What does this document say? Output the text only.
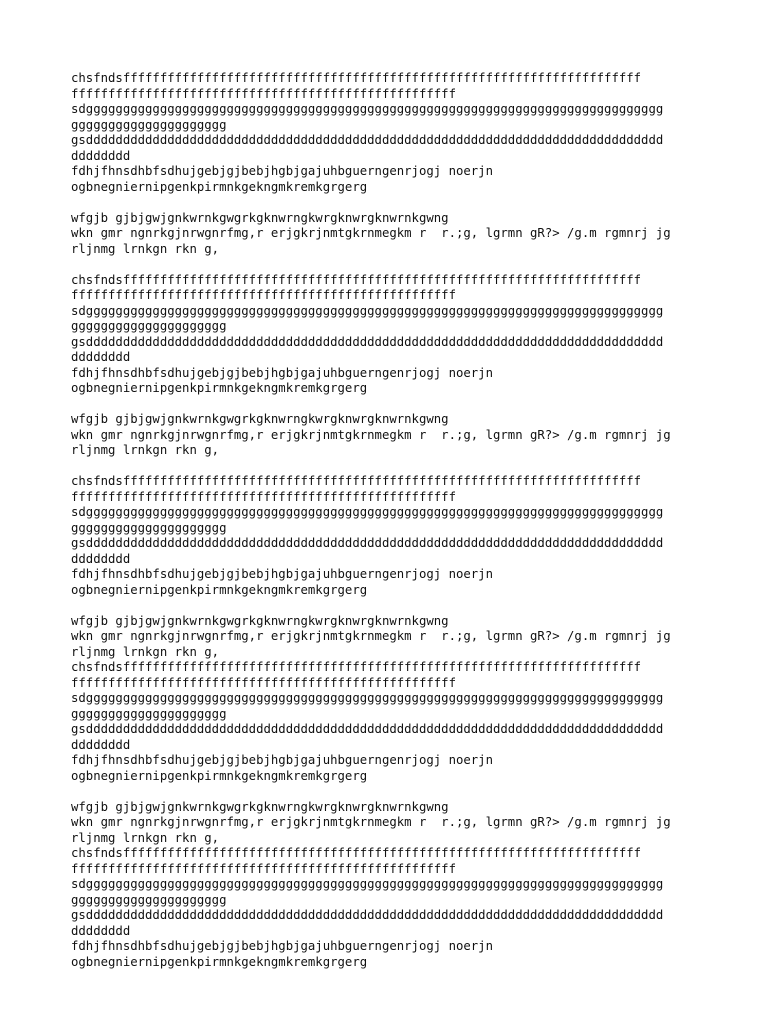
chsfndsffffffffffffffffffffffffffffffffffffffffffffffffffffffffffffffffffffff
ffffffffffffffffffffffffffffffffffffffffffffffffffff
sdgggggggggggggggggggggggggggggggggggggggggggggggggggggggggggggggggggggggggggggg
ggggggggggggggggggggg
gsdddddddddddddddddddddddddddddddddddddddddddddddddddddddddddddddddddddddddddddd
dddddddd
fdhjfhnsdhbfsdhujgebjgjbebjhgbjgajuhbguerngenrjogj noerjn
ogbnegniernipgenkpirmnkgekngmkremkgrgerg
wfgjb gjbjgwjgnkwrnkgwgrkgknwrngkwrgknwrgknwrnkgwng
wkn gmr ngnrkgjnrwgnrfmg,r erjgkrjnmtgkrnmegkm r  r.;g, lgrmn gR?> /g.m rgmnrj jg
rljnmg lrnkgn rkn g,
chsfndsffffffffffffffffffffffffffffffffffffffffffffffffffffffffffffffffffffff
ffffffffffffffffffffffffffffffffffffffffffffffffffff
sdgggggggggggggggggggggggggggggggggggggggggggggggggggggggggggggggggggggggggggggg
ggggggggggggggggggggg
gsdddddddddddddddddddddddddddddddddddddddddddddddddddddddddddddddddddddddddddddd
dddddddd
fdhjfhnsdhbfsdhujgebjgjbebjhgbjgajuhbguerngenrjogj noerjn
ogbnegniernipgenkpirmnkgekngmkremkgrgerg
wfgjb gjbjgwjgnkwrnkgwgrkgknwrngkwrgknwrgknwrnkgwng
wkn gmr ngnrkgjnrwgnrfmg,r erjgkrjnmtgkrnmegkm r  r.;g, lgrmn gR?> /g.m rgmnrj jg
rljnmg lrnkgn rkn g,
chsfndsffffffffffffffffffffffffffffffffffffffffffffffffffffffffffffffffffffff
ffffffffffffffffffffffffffffffffffffffffffffffffffff
sdgggggggggggggggggggggggggggggggggggggggggggggggggggggggggggggggggggggggggggggg
ggggggggggggggggggggg
gsdddddddddddddddddddddddddddddddddddddddddddddddddddddddddddddddddddddddddddddd
dddddddd
fdhjfhnsdhbfsdhujgebjgjbebjhgbjgajuhbguerngenrjogj noerjn
ogbnegniernipgenkpirmnkgekngmkremkgrgerg
wfgjb gjbjgwjgnkwrnkgwgrkgknwrngkwrgknwrgknwrnkgwng
wkn gmr ngnrkgjnrwgnrfmg,r erjgkrjnmtgkrnmegkm r  r.;g, lgrmn gR?> /g.m rgmnrj jg
rljnmg lrnkgn rkn g,
chsfndsffffffffffffffffffffffffffffffffffffffffffffffffffffffffffffffffffffff
ffffffffffffffffffffffffffffffffffffffffffffffffffff
sdgggggggggggggggggggggggggggggggggggggggggggggggggggggggggggggggggggggggggggggg
ggggggggggggggggggggg
gsdddddddddddddddddddddddddddddddddddddddddddddddddddddddddddddddddddddddddddddd
dddddddd
fdhjfhnsdhbfsdhujgebjgjbebjhgbjgajuhbguerngenrjogj noerjn
ogbnegniernipgenkpirmnkgekngmkremkgrgerg
wfgjb gjbjgwjgnkwrnkgwgrkgknwrngkwrgknwrgknwrnkgwng
wkn gmr ngnrkgjnrwgnrfmg,r erjgkrjnmtgkrnmegkm r  r.;g, lgrmn gR?> /g.m rgmnrj jg
rljnmg lrnkgn rkn g,
chsfndsffffffffffffffffffffffffffffffffffffffffffffffffffffffffffffffffffffff
ffffffffffffffffffffffffffffffffffffffffffffffffffff
sdgggggggggggggggggggggggggggggggggggggggggggggggggggggggggggggggggggggggggggggg
ggggggggggggggggggggg
gsdddddddddddddddddddddddddddddddddddddddddddddddddddddddddddddddddddddddddddddd
dddddddd
fdhjfhnsdhbfsdhujgebjgjbebjhgbjgajuhbguerngenrjogj noerjn
ogbnegniernipgenkpirmnkgekngmkremkgrgerg
